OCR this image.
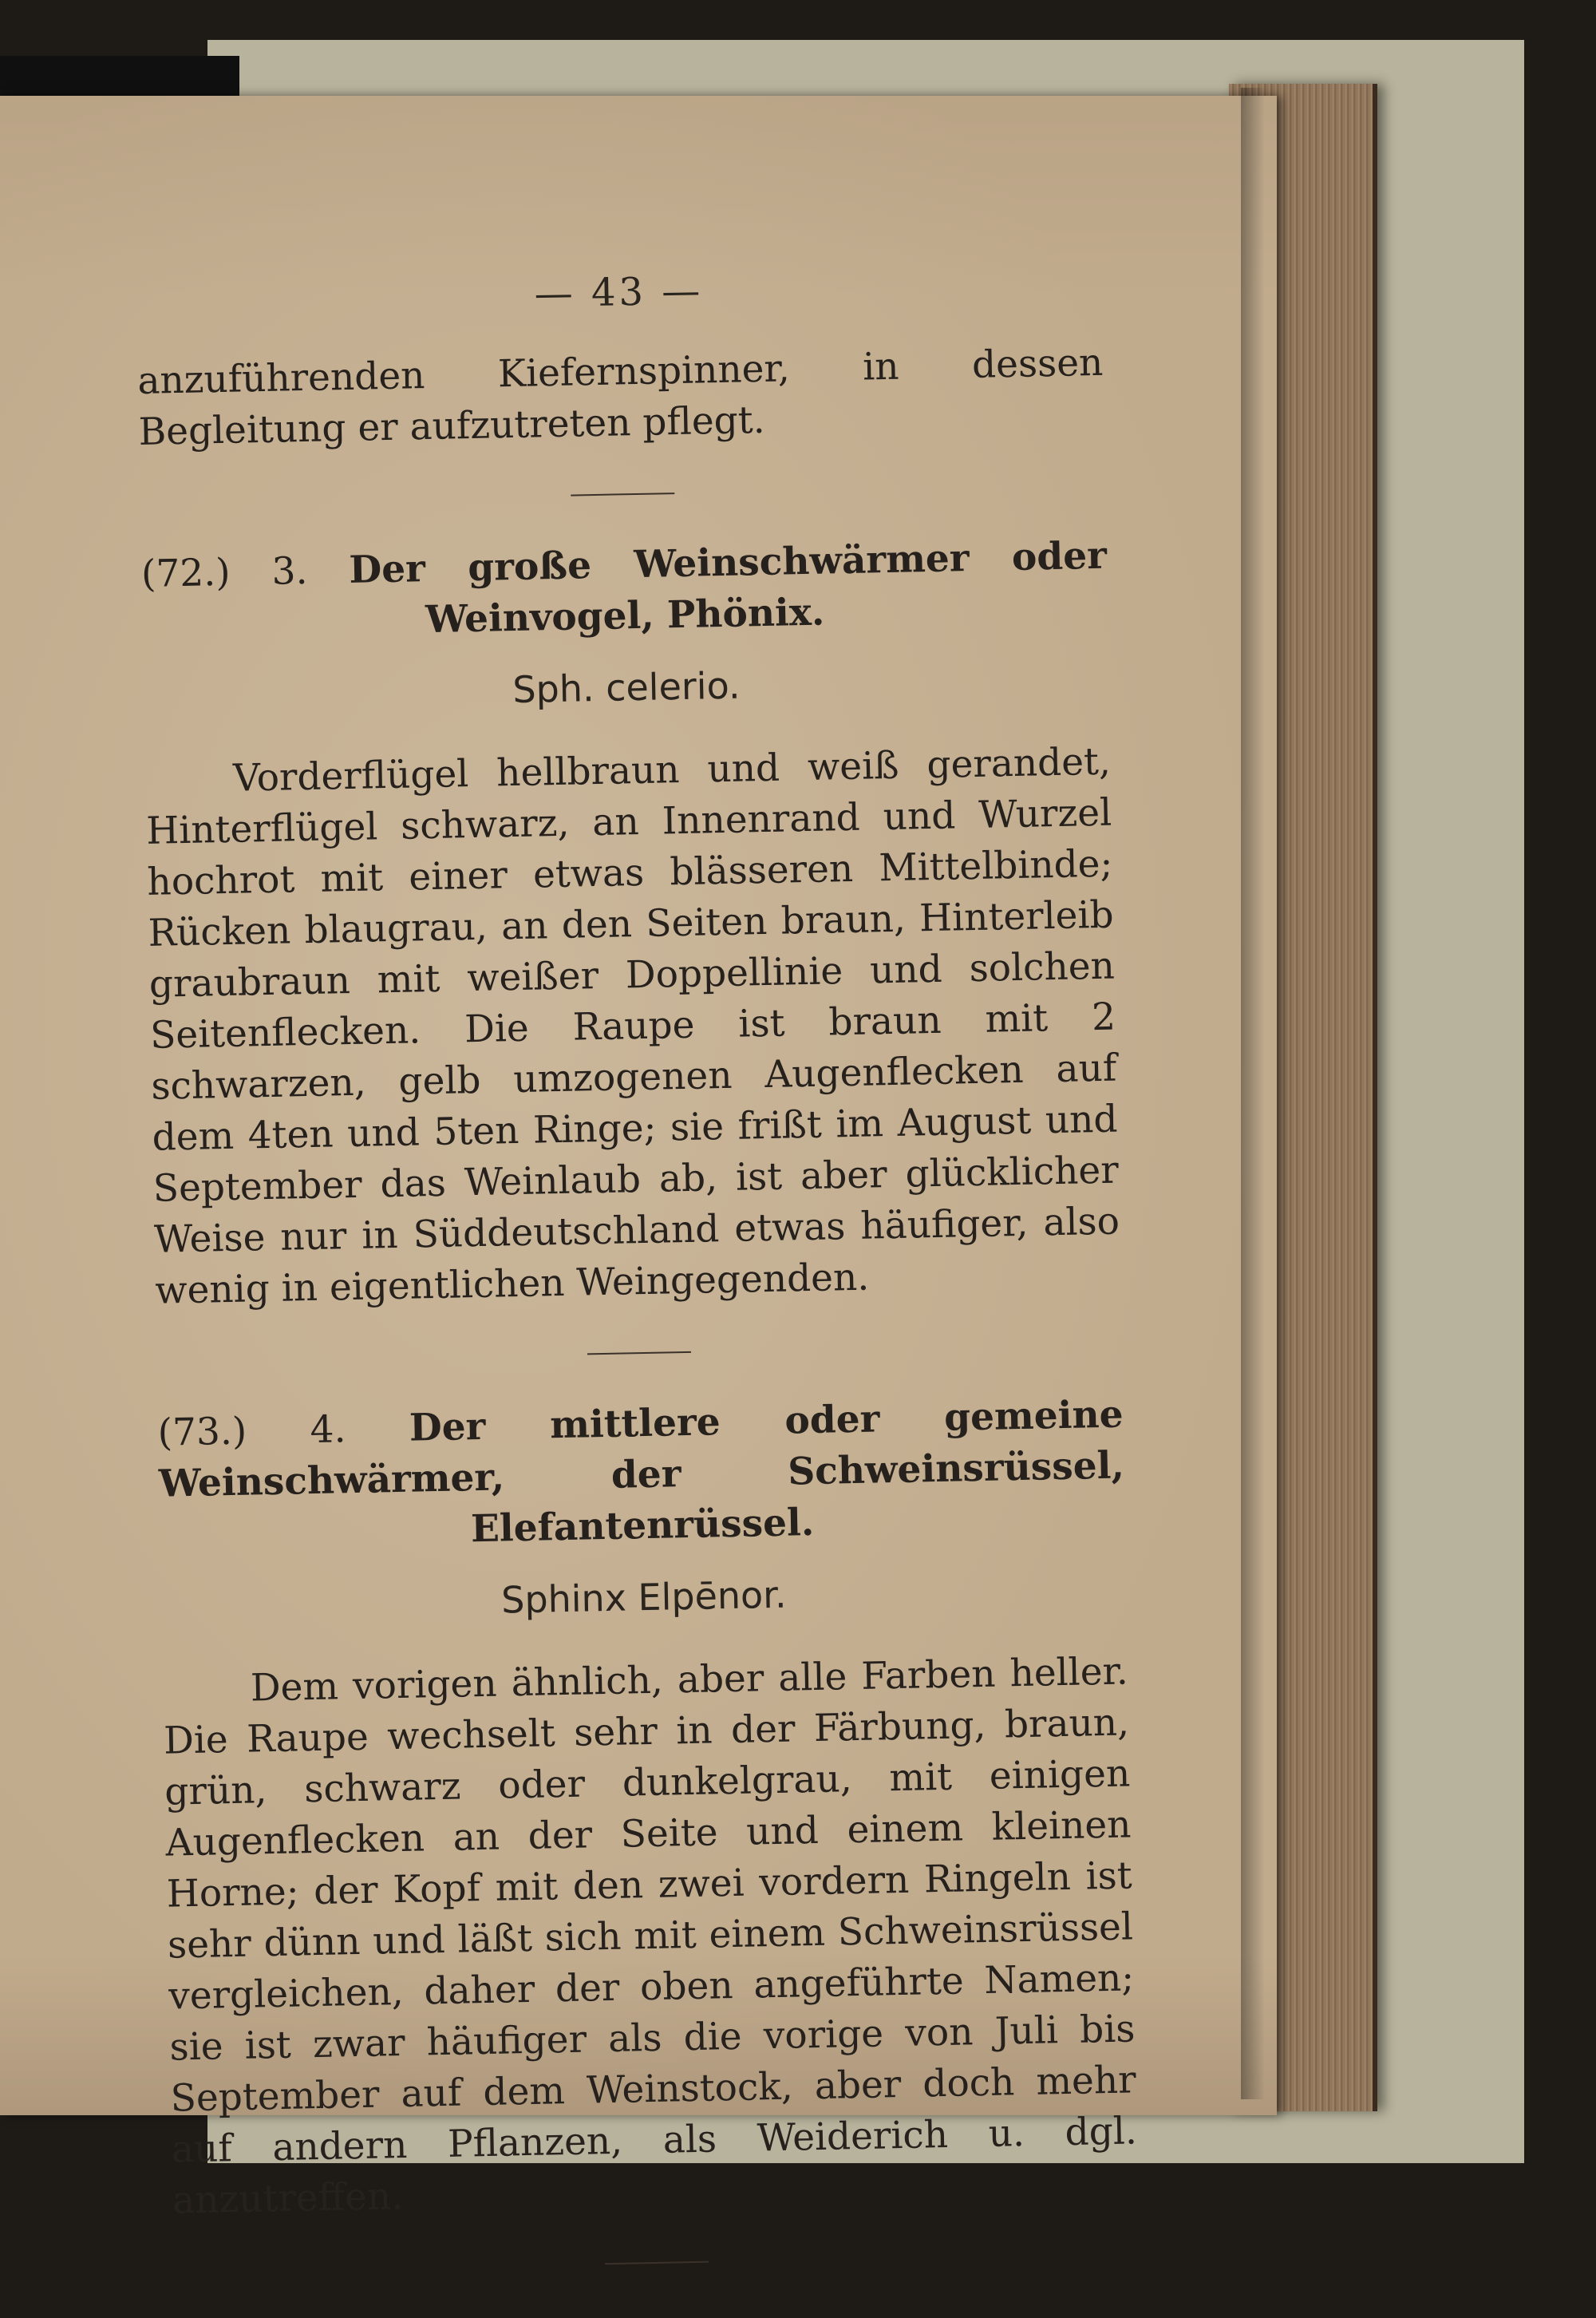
— 43 —

anzuführenden Kiefernspinner, in dessen Begleitung er aufzutreten pflegt.

(72.) 3. Der große Weinschwärmer oder Weinvogel, Phönix.

Sph. celerio.

Vorderflügel hellbraun und weiß gerandet, Hinterflügel schwarz, an Innenrand und Wurzel hochrot mit einer etwas blässeren Mittelbinde; Rücken blaugrau, an den Seiten braun, Hinterleib graubraun mit weißer Doppellinie und solchen Seitenflecken. Die Raupe ist braun mit 2 schwarzen, gelb umzogenen Augenflecken auf dem 4ten und 5ten Ringe; sie frißt im August und September das Weinlaub ab, ist aber glücklicher Weise nur in Süddeutschland etwas häufiger, also wenig in eigentlichen Weingegenden.

(73.) 4. Der mittlere oder gemeine Weinschwärmer, der Schweinsrüssel, Elefantenrüssel.

Sphinx Elpēnor.

Dem vorigen ähnlich, aber alle Farben heller. Die Raupe wechselt sehr in der Färbung, braun, grün, schwarz oder dunkelgrau, mit einigen Augenflecken an der Seite und einem kleinen Horne; der Kopf mit den zwei vordern Ringeln ist sehr dünn und läßt sich mit einem Schweinsrüssel vergleichen, daher der oben angeführte Namen; sie ist zwar häufiger als die vorige von Juli bis September auf dem Weinstock, aber doch mehr auf andern Pflanzen, als Weiderich u. dgl. anzutreffen.
